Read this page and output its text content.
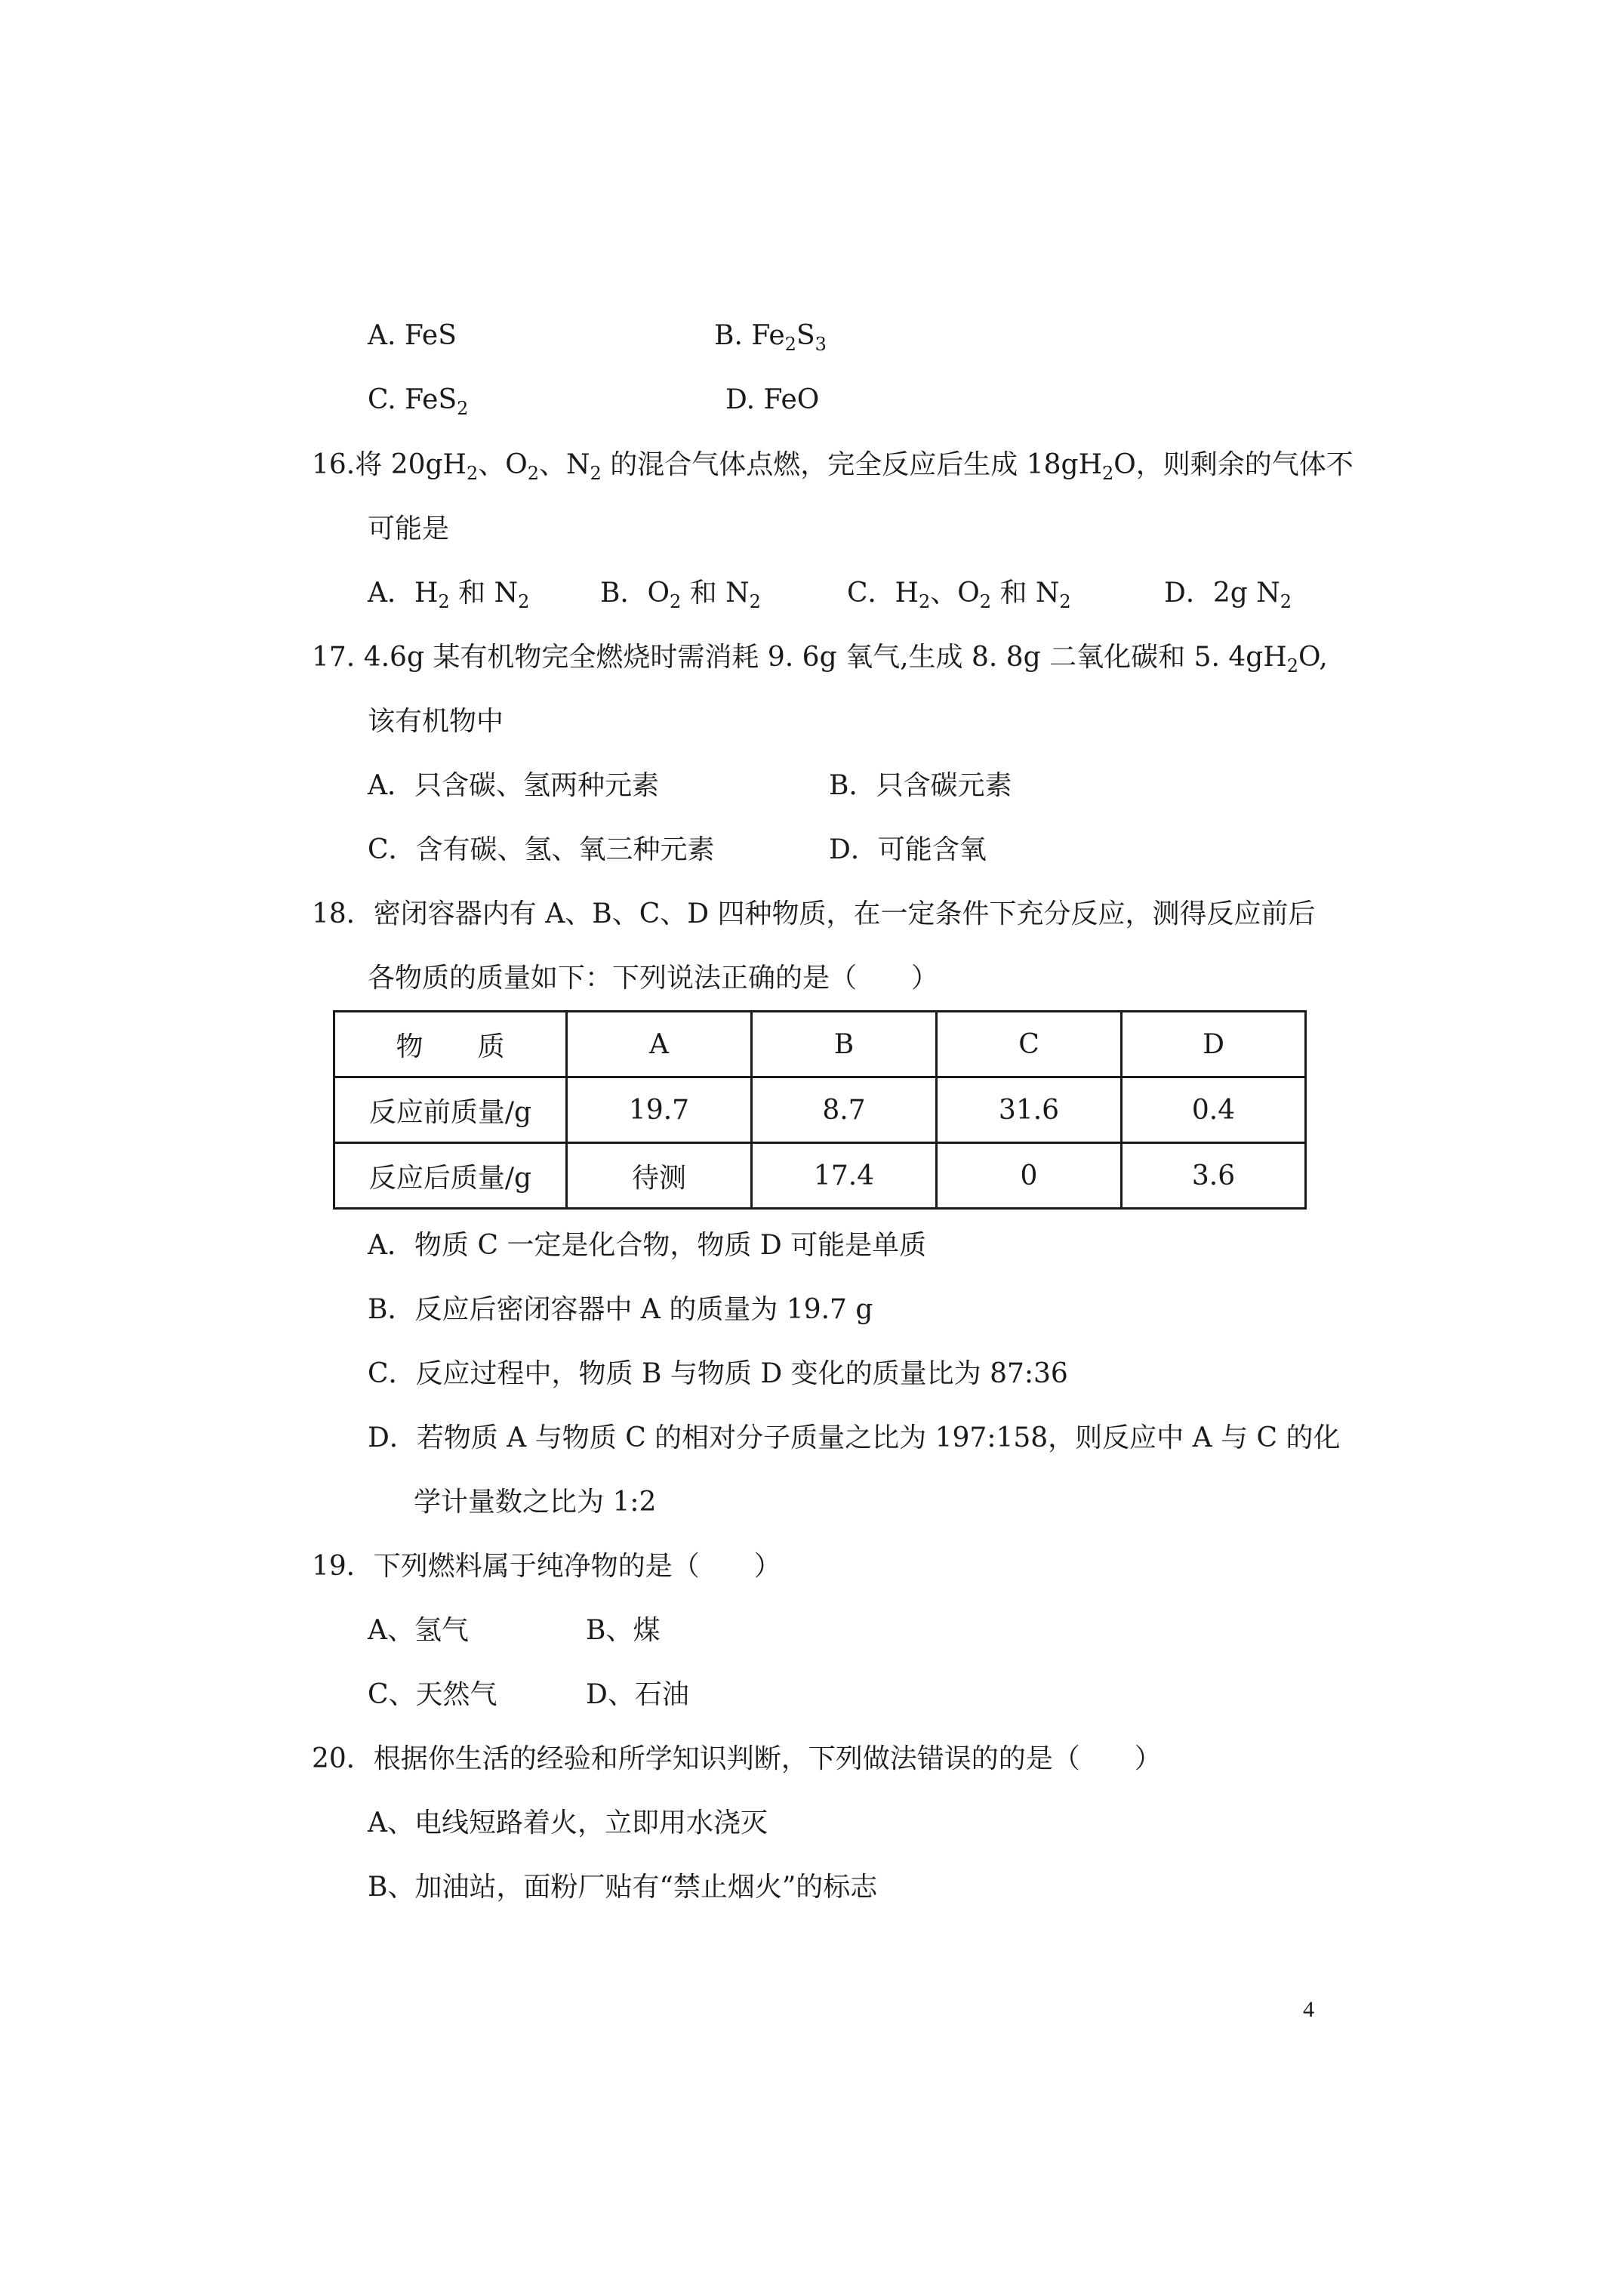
A. FeS	B. $Fe_2S_3$
C. FeS$_2$	D. FeO
16.将 $20gH_2$、$O_2$、$N_2$ 的混合气体点燃，完全反应后生成 $18gH_2O$，则剩余的气体不
可能是
A．$H_2$ 和 $N_2$	B．$O_2$ 和 $N_2$	C．$H_2$、$O_2$ 和 $N_2$	D．2g $N_2$
17. 4.6g 某有机物完全燃烧时需消耗 9. 6g 氧气,生成 8. 8g 二氧化碳和 5. $4gH_2O$,
该有机物中
A．只含碳、氢两种元素	B．只含碳元素
C．含有碳、氢、氧三种元素	D．可能含氧
18．密闭容器内有 A、B、C、D 四种物质，在一定条件下充分反应，测得反应前后
各物质的质量如下：下列说法正确的是（　　）
物　　质	A	B	C	D
反应前质量/g	19.7	8.7	31.6	0.4
反应后质量/g	待测	17.4	0	3.6
A．物质 C 一定是化合物，物质 D 可能是单质
B．反应后密闭容器中 A 的质量为 19.7 g
C．反应过程中，物质 B 与物质 D 变化的质量比为 87:36
D．若物质 A 与物质 C 的相对分子质量之比为 197:158，则反应中 A 与 C 的化
学计量数之比为 1:2
19．下列燃料属于纯净物的是（　　）
A、氢气	B、煤
C、天然气	D、石油
20．根据你生活的经验和所学知识判断，下列做法错误的的是（　　）
A、电线短路着火，立即用水浇灭
B、加油站，面粉厂贴有“禁止烟火”的标志
4
